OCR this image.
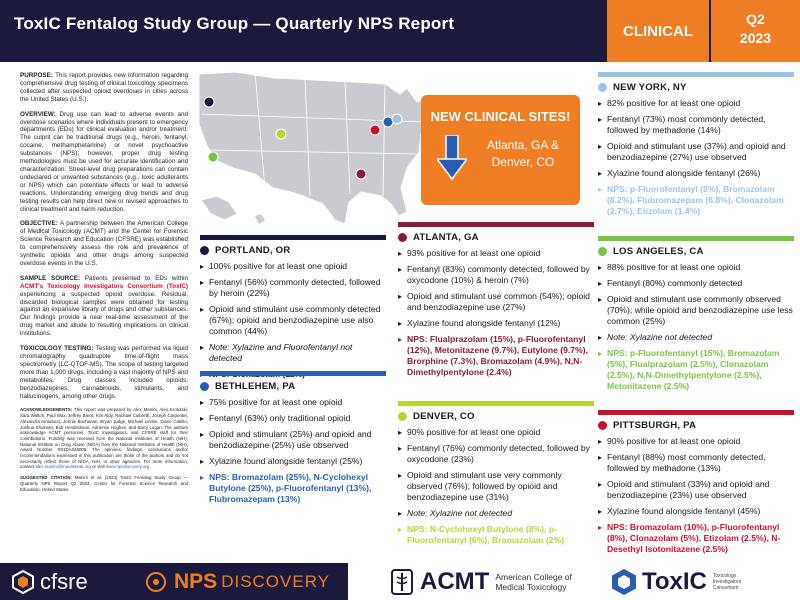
ToxIC Fentalog Study Group — Quarterly NPS Report	CLINICAL
Q2
2023

PURPOSE: This report provides new information regarding comprehensive drug testing of clinical toxicology specimens collected after suspected opioid overdoses in cities across the United States (U.S.).

OVERVIEW: Drug use can lead to adverse events and overdose scenarios where individuals present to emergency departments (EDs) for clinical evaluation and/or treatment. The culprit can be traditional drugs (e.g., heroin, fentanyl, cocaine, methamphetamine) or novel psychoactive substances (NPS); however, proper drug testing methodologies must be used for accurate identification and characterization. Street-level drug preparations can contain undeclared or unwanted substances (e.g., toxic adulterants or NPS) which can potentiate effects or lead to adverse reactions. Understanding emerging drug trends and drug testing results can help direct new or revised approaches to clinical treatment and harm reduction.

OBJECTIVE: A partnership between the American College of Medical Toxicology (ACMT) and the Center for Forensic Science Research and Education (CFSRE) was established to comprehensively assess the role and prevalence of synthetic opioids and other drugs among suspected overdose events in the U.S.

SAMPLE SOURCE: Patients presented to EDs within ACMT's Toxicology Investigators Consortium (ToxIC) experiencing a suspected opioid overdose. Residual, discarded biological samples were obtained for testing against an expansive library of drugs and other substances. Our findings provide a near real-time assessment of the drug market and allude to resulting implications on clinical institutions.

TOXICOLOGY TESTING: Testing was performed via liquid chromatography quadrupole time-of-flight mass spectrometry (LC-QTOF-MS). The scope of testing targeted more than 1,000 drugs, including a vast majority of NPS and metabolites. Drug classes included opioids, benzodiazepines, cannabinoids, stimulants, and hallucinogens, among other drugs.

ACKNOWLEDGEMENTS: This report was prepared by Alex Manini, Alex Krotulski, Sara Walton, Paul Wax, Jeffrey Brent, Kim Aldy, Rachael Culbreth, Joseph Carpenter, Alexandra Amaducci, Jennie Buchanan, Bryan Judge, Michael Levine, Diane Calello, Joshua Shulman, Bob Hendrickson, Adrienne Hughes, and Barry Logan. The authors acknowledge ACMT personnel, ToxIC investigators, and CFSRE staff for their contributions. Funding was received from the National Institutes of Health (NIH), National Institute on Drug Abuse (NIDA) from the National Institutes of Health (NIH), Award Number R01DA048009. The opinions, findings, conclusions and/or recommendations expressed in this publication are those of the authors and do not necessarily reflect those of NIDA, NIH, or other agencies. For more information, contact alex.manini@mountsinai.org or visit www.npsdiscovery.org.

SUGGESTED CITATION: Manini et al. (2023) ToxIC Fentalog Study Group — Quarterly NPS Report Q2 2023, Center for Forensic Science Research and Education, United States.

NEW CLINICAL SITES!
Atlanta, GA &
Denver, CO
PORTLAND, OR
▸ 100% positive for at least one opioid
▸ Fentanyl (56%) commonly detected, followed by heroin (22%)
▸ Opioid and stimulant use commonly detected (67%); opioid and benzodiazepine use also common (44%)
▸ Note: Xylazine and Fluorofentanyl not detected
▸
BETHLEHEM, PA
▸ 75% positive for at least one opioid
▸ Fentanyl (63%) only traditional opioid
▸ Opioid and stimulant (25%) and opioid and benzodiazepine (25%) use observed
▸ Xylazine found alongside fentanyl (25%)
▸ NPS: Bromazolam (25%), N-Cyclohexyl Butylone (25%), p-Fluorofentanyl (13%), Flubromazepam (13%)
ATLANTA, GA
▸ 93% positive for at least one opioid
▸ Fentanyl (83%) commonly detected, followed by oxycodone (10%) & heroin (7%)
▸ Opioid and stimulant use common (54%); opioid and benzodiazepine use (27%)
▸ Xylazine found alongside fentanyl (12%)
▸ NPS: Flualprazolam (15%), p-Fluorofentanyl (12%), Metonitazene (9.7%), Eutylone (9.7%), Brorphine (7.3%), Bromazolam (4.9%), N,N-Dimethylpentylone (2.4%)
DENVER, CO
▸ 90% positive for at least one opioid
▸ Fentanyl (76%) commonly detected, followed by oxycodone (23%)
▸ Opioid and stimulant use very commonly observed (76%); followed by opioid and benzodiazepine use (31%)
▸ Note: Xylazine not detected
▸ NPS: N-Cyclohexyl Butylone (8%), p-Fluorofentanyl (6%), Bromazolam (2%)
NEW YORK, NY
▸ 82% positive for at least one opioid
▸ Fentanyl (73%) most commonly detected, followed by methadone (14%)
▸ Opioid and stimulant use (37%) and opioid and benzodiazepine (27%) use observed
▸ Xylazine found alongside fentanyl (26%)
▸ NPS: p-Fluorofentanyl (8%), Bromazolam (8.2%), Flubromazepam (6.8%), Clonazolam (2.7%), Etizolam (1.4%)
LOS ANGELES, CA
▸ 88% positive for at least one opioid
▸ Fentanyl (80%) commonly detected
▸ Opioid and stimulant use commonly observed (70%); while opioid and benzodiazepine use less common (25%)
▸ Note: Xylazine not detected
▸ NPS: p-Fluorofentanyl (15%), Bromazolam (5%), Flualprazolam (2.5%), Clonazolam (2.5%), N,N-Dimethylpentylone (2.5%), Metonitazene (2.5%)
PITTSBURGH, PA
▸ 90% positive for at least one opioid
▸ Fentanyl (88%) most commonly detected, followed by methadone (13%)
▸ Opioid and stimulant (33%) and opioid and benzodiazepine (23%) use observed
▸ Xylazine found alongside fentanyl (45%)
▸ NPS: Bromazolam (10%), p-Fluorofentanyl (8%), Clonazolam (5%), Etizolam (2.5%), N-Desethyl Isotonitazene (2.5%)
cfsre	NPS DISCOVERY	ACMT American College of Medical Toxicology	ToxIC Toxicology Investigators Consortium
